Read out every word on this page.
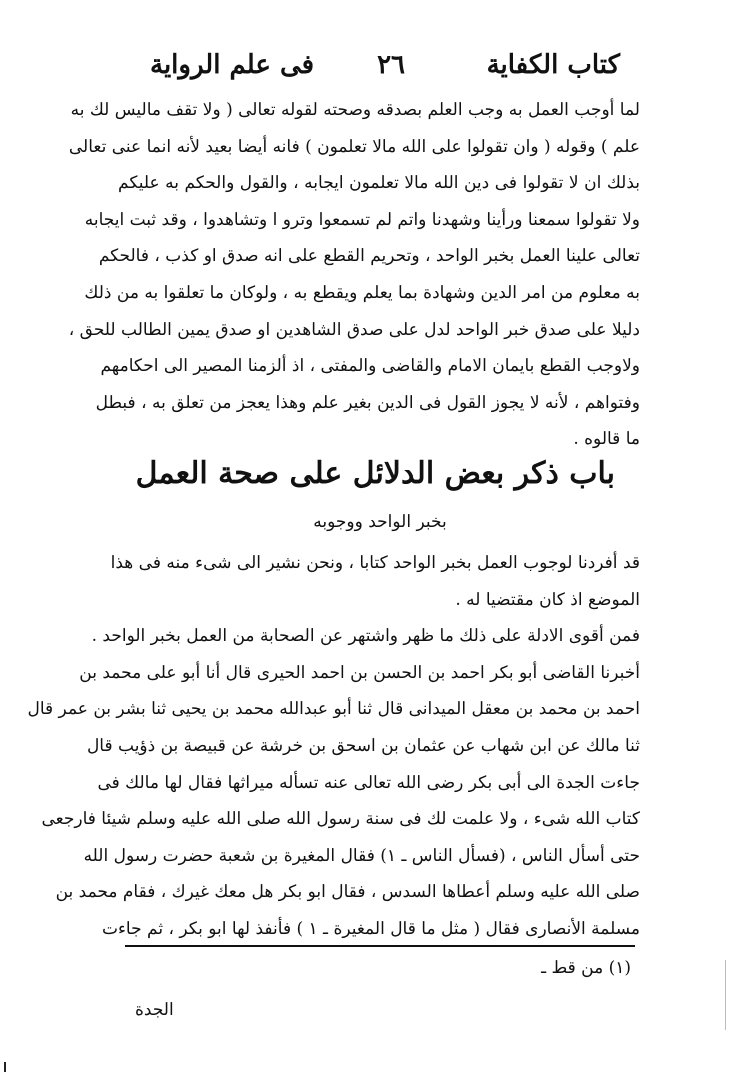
كتاب الكفاية
٢٦
فى علم الرواية
لما أوجب العمل به وجب العلم بصدقه وصحته لقوله تعالى ( ولا تقف ماليس لك به
علم ) وقوله ( وان تقولوا على الله مالا تعلمون ) فانه أيضا بعيد لأنه انما عنى تعالى
بذلك ان لا تقولوا فى دين الله مالا تعلمون ايجابه ، والقول والحكم به عليكم
ولا تقولوا سمعنا ورأينا وشهدنا واتم لم تسمعوا وترو ا وتشاهدوا ، وقد ثبت ايجابه
تعالى علينا العمل بخبر الواحد ، وتحريم القطع على انه صدق او كذب ، فالحكم
به معلوم من امر الدين وشهادة بما يعلم ويقطع به ، ولوكان ما تعلقوا به من ذلك
دليلا على صدق خبر الواحد لدل على صدق الشاهدين او صدق يمين الطالب للحق ،
ولاوجب القطع بايمان الامام والقاضى والمفتى ، اذ ألزمنا المصير الى احكامهم
وفتواهم ، لأنه لا يجوز القول فى الدين بغير علم وهذا يعجز من تعلق به ، فبطل
ما قالوه .
باب ذكر بعض الدلائل على صحة العمل
بخبر الواحد ووجوبه
قد أفردنا لوجوب العمل بخبر الواحد كتابا ، ونحن نشير الى شىء منه فى هذا
الموضع اذ كان مقتضيا له .
فمن أقوى الادلة على ذلك ما ظهر واشتهر عن الصحابة من العمل بخبر الواحد .
أخبرنا القاضى أبو بكر احمد بن الحسن بن احمد الحيرى قال أنا أبو على محمد بن
احمد بن محمد بن معقل الميدانى قال ثنا أبو عبدالله محمد بن يحيى ثنا بشر بن عمر قال
ثنا مالك عن ابن شهاب عن عثمان بن اسحق بن خرشة عن قبيصة بن ذؤيب قال
جاءت الجدة الى أبى بكر رضى الله تعالى عنه تسأله ميراثها فقال لها مالك فى
كتاب الله شىء ، ولا علمت لك فى سنة رسول الله صلى الله عليه وسلم شيئا فارجعى
حتى أسأل الناس ، (فسأل الناس ـ ١) فقال المغيرة بن شعبة حضرت رسول الله
صلى الله عليه وسلم أعطاها السدس ، فقال ابو بكر هل معك غيرك ، فقام محمد بن
مسلمة الأنصارى فقال ( مثل ما قال المغيرة ـ ١ ) فأنفذ لها ابو بكر ، ثم جاءت
(١) من قط ـ
الجدة
